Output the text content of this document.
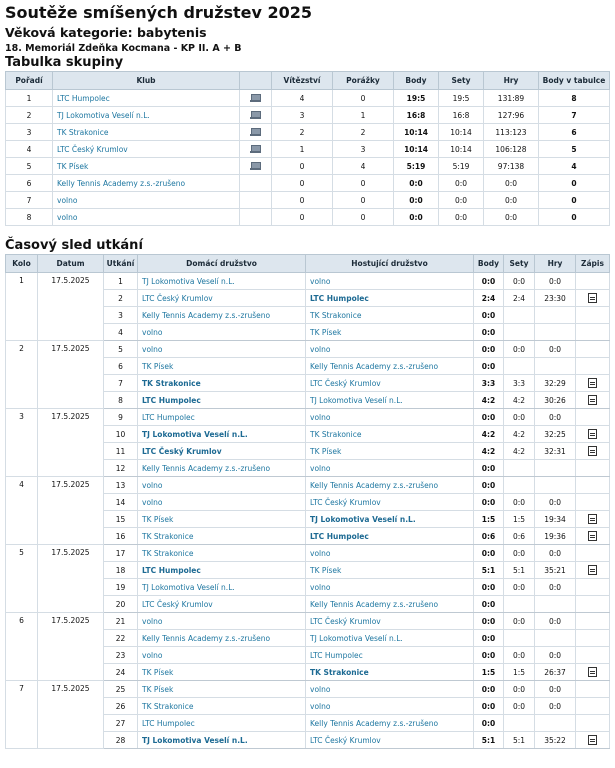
Soutěže smíšených družstev 2025
Věková kategorie: babytenis
18. Memoriál Zdeňka Kocmana - KP II. A + B
Tabulka skupiny
Pořadí	Klub		Vítězství	Porážky	Body	Sety	Hry	Body v tabulce
1	LTC Humpolec		4	0	19:5	19:5	131:89	8
2	TJ Lokomotiva Veselí n.L.		3	1	16:8	16:8	127:96	7
3	TK Strakonice		2	2	10:14	10:14	113:123	6
4	LTC Český Krumlov		1	3	10:14	10:14	106:128	5
5	TK Písek		0	4	5:19	5:19	97:138	4
6	Kelly Tennis Academy z.s.-zrušeno		0	0	0:0	0:0	0:0	0
7	volno		0	0	0:0	0:0	0:0	0
8	volno		0	0	0:0	0:0	0:0	0
Časový sled utkání
Kolo	Datum	Utkání	Domácí družstvo	Hostující družstvo	Body	Sety	Hry	Zápis
1	17.5.2025	1	TJ Lokomotiva Veselí n.L.	volno	0:0	0:0	0:0	
		2	LTC Český Krumlov	LTC Humpolec	2:4	2:4	23:30	
		3	Kelly Tennis Academy z.s.-zrušeno	TK Strakonice	0:0			
		4	volno	TK Písek	0:0			
2	17.5.2025	5	volno	volno	0:0	0:0	0:0	
		6	TK Písek	Kelly Tennis Academy z.s.-zrušeno	0:0			
		7	TK Strakonice	LTC Český Krumlov	3:3	3:3	32:29	
		8	LTC Humpolec	TJ Lokomotiva Veselí n.L.	4:2	4:2	30:26	
3	17.5.2025	9	LTC Humpolec	volno	0:0	0:0	0:0	
		10	TJ Lokomotiva Veselí n.L.	TK Strakonice	4:2	4:2	32:25	
		11	LTC Český Krumlov	TK Písek	4:2	4:2	32:31	
		12	Kelly Tennis Academy z.s.-zrušeno	volno	0:0			
4	17.5.2025	13	volno	Kelly Tennis Academy z.s.-zrušeno	0:0			
		14	volno	LTC Český Krumlov	0:0	0:0	0:0	
		15	TK Písek	TJ Lokomotiva Veselí n.L.	1:5	1:5	19:34	
		16	TK Strakonice	LTC Humpolec	0:6	0:6	19:36	
5	17.5.2025	17	TK Strakonice	volno	0:0	0:0	0:0	
		18	LTC Humpolec	TK Písek	5:1	5:1	35:21	
		19	TJ Lokomotiva Veselí n.L.	volno	0:0	0:0	0:0	
		20	LTC Český Krumlov	Kelly Tennis Academy z.s.-zrušeno	0:0			
6	17.5.2025	21	volno	LTC Český Krumlov	0:0	0:0	0:0	
		22	Kelly Tennis Academy z.s.-zrušeno	TJ Lokomotiva Veselí n.L.	0:0			
		23	volno	LTC Humpolec	0:0	0:0	0:0	
		24	TK Písek	TK Strakonice	1:5	1:5	26:37	
7	17.5.2025	25	TK Písek	volno	0:0	0:0	0:0	
		26	TK Strakonice	volno	0:0	0:0	0:0	
		27	LTC Humpolec	Kelly Tennis Academy z.s.-zrušeno	0:0			
		28	TJ Lokomotiva Veselí n.L.	LTC Český Krumlov	5:1	5:1	35:22	
